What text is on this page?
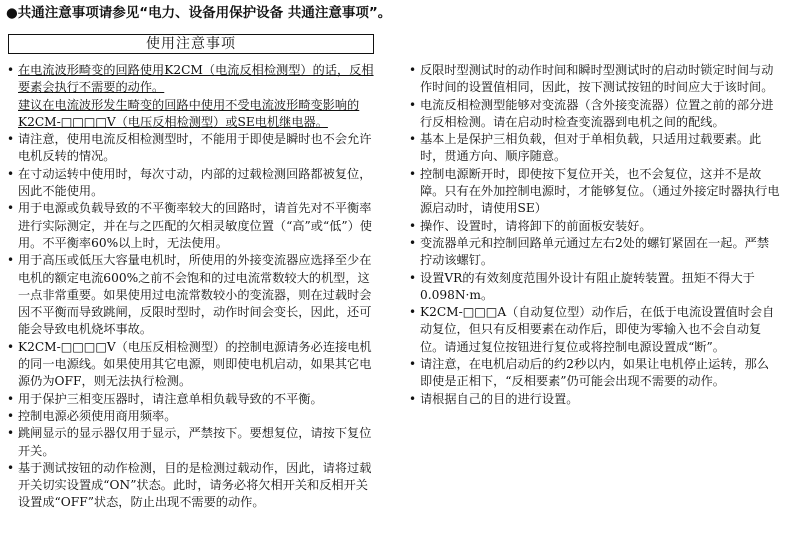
●共通注意事项请参见“电力、设备用保护设备 共通注意事项”。
使用注意事项
• 在电流波形畸变的回路使用K2CM（电流反相检测型）的话，反相要素会执行不需要的动作。
建议在电流波形发生畸变的回路中使用不受电流波形畸变影响的K2CM-□□□□V（电压反相检测型）或SE电机继电器。
• 请注意，使用电流反相检测型时，不能用于即使是瞬时也不会允许电机反转的情况。
• 在寸动运转中使用时，每次寸动，内部的过载检测回路都被复位，因此不能使用。
• 用于电源或负载导致的不平衡率较大的回路时，请首先对不平衡率进行实际测定，并在与之匹配的欠相灵敏度位置（“高”或“低”）使用。不平衡率60%以上时，无法使用。
• 用于高压或低压大容量电机时，所使用的外接变流器应选择至少在电机的额定电流600%之前不会饱和的过电流常数较大的机型，这一点非常重要。如果使用过电流常数较小的变流器，则在过载时会因不平衡而导致跳闸，反限时型时，动作时间会变长，因此，还可能会导致电机烧坏事故。
• K2CM-□□□□V（电压反相检测型）的控制电源请务必连接电机的同一电源线。如果使用其它电源，则即使电机启动，如果其它电源仍为OFF，则无法执行检测。
• 用于保护三相变压器时，请注意单相负载导致的不平衡。
• 控制电源必须使用商用频率。
• 跳闸显示的显示器仅用于显示，严禁按下。要想复位，请按下复位开关。
• 基于测试按钮的动作检测，目的是检测过载动作，因此，请将过载开关切实设置成“ON”状态。此时，请务必将欠相开关和反相开关设置成“OFF”状态，防止出现不需要的动作。
• 反限时型测试时的动作时间和瞬时型测试时的启动时锁定时间与动作时间的设置值相同，因此，按下测试按钮的时间应大于该时间。
• 电流反相检测型能够对变流器（含外接变流器）位置之前的部分进行反相检测。请在启动时检查变流器到电机之间的配线。
• 基本上是保护三相负载，但对于单相负载，只适用过载要素。此时，贯通方向、顺序随意。
• 控制电源断开时，即使按下复位开关，也不会复位，这并不是故障。只有在外加控制电源时，才能够复位。（通过外接定时器执行电源启动时，请使用SE）
• 操作、设置时，请将卸下的前面板安装好。
• 变流器单元和控制回路单元通过左右2处的螺钉紧固在一起。严禁拧动该螺钉。
• 设置VR的有效刻度范围外设计有阻止旋转装置。扭矩不得大于0.098N·m。
• K2CM-□□□A（自动复位型）动作后，在低于电流设置值时会自动复位，但只有反相要素在动作后，即使为零输入也不会自动复位。请通过复位按钮进行复位或将控制电源设置成“断”。
• 请注意，在电机启动后的约2秒以内，如果让电机停止运转，那么即使是正相下，“反相要素”仍可能会出现不需要的动作。
• 请根据自己的目的进行设置。
